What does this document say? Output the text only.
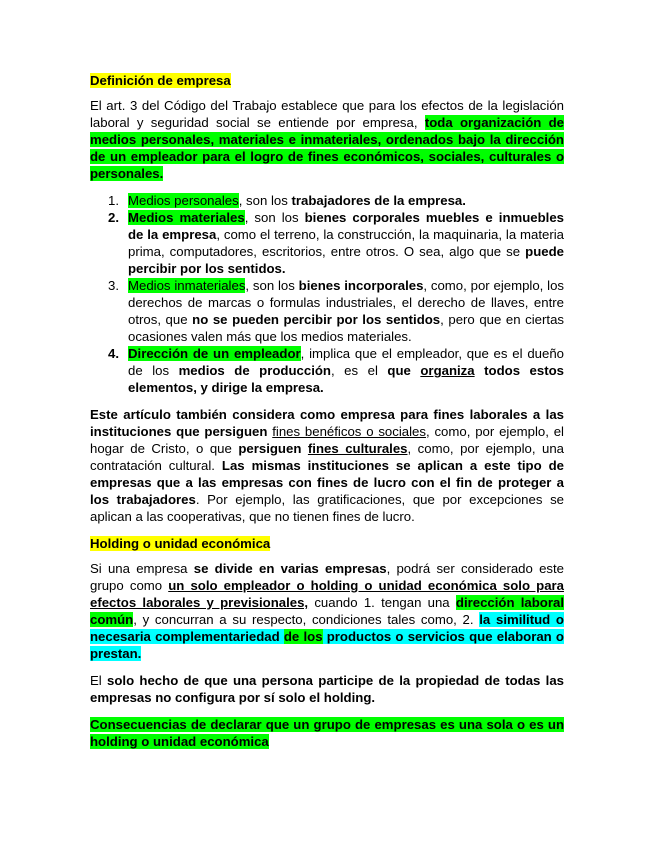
Definición de empresa

El art. 3 del Código del Trabajo establece que para los efectos de la legislación laboral y seguridad social se entiende por empresa, toda organización de medios personales, materiales e inmateriales, ordenados bajo la dirección de un empleador para el logro de fines económicos, sociales, culturales o personales.

1. Medios personales, son los trabajadores de la empresa.
2. Medios materiales, son los bienes corporales muebles e inmuebles de la empresa, como el terreno, la construcción, la maquinaria, la materia prima, computadores, escritorios, entre otros. O sea, algo que se puede percibir por los sentidos.
3. Medios inmateriales, son los bienes incorporales, como, por ejemplo, los derechos de marcas o formulas industriales, el derecho de llaves, entre otros, que no se pueden percibir por los sentidos, pero que en ciertas ocasiones valen más que los medios materiales.
4. Dirección de un empleador, implica que el empleador, que es el dueño de los medios de producción, es el que organiza todos estos elementos, y dirige la empresa.

Este artículo también considera como empresa para fines laborales a las instituciones que persiguen fines benéficos o sociales, como, por ejemplo, el hogar de Cristo, o que persiguen fines culturales, como, por ejemplo, una contratación cultural. Las mismas instituciones se aplican a este tipo de empresas que a las empresas con fines de lucro con el fin de proteger a los trabajadores. Por ejemplo, las gratificaciones, que por excepciones se aplican a las cooperativas, que no tienen fines de lucro.

Holding o unidad económica

Si una empresa se divide en varias empresas, podrá ser considerado este grupo como un solo empleador o holding o unidad económica solo para efectos laborales y previsionales, cuando 1. tengan una dirección laboral común, y concurran a su respecto, condiciones tales como, 2. la similitud o necesaria complementariedad de los productos o servicios que elaboran o prestan.

El solo hecho de que una persona participe de la propiedad de todas las empresas no configura por sí solo el holding.

Consecuencias de declarar que un grupo de empresas es una sola o es un holding o unidad económica
